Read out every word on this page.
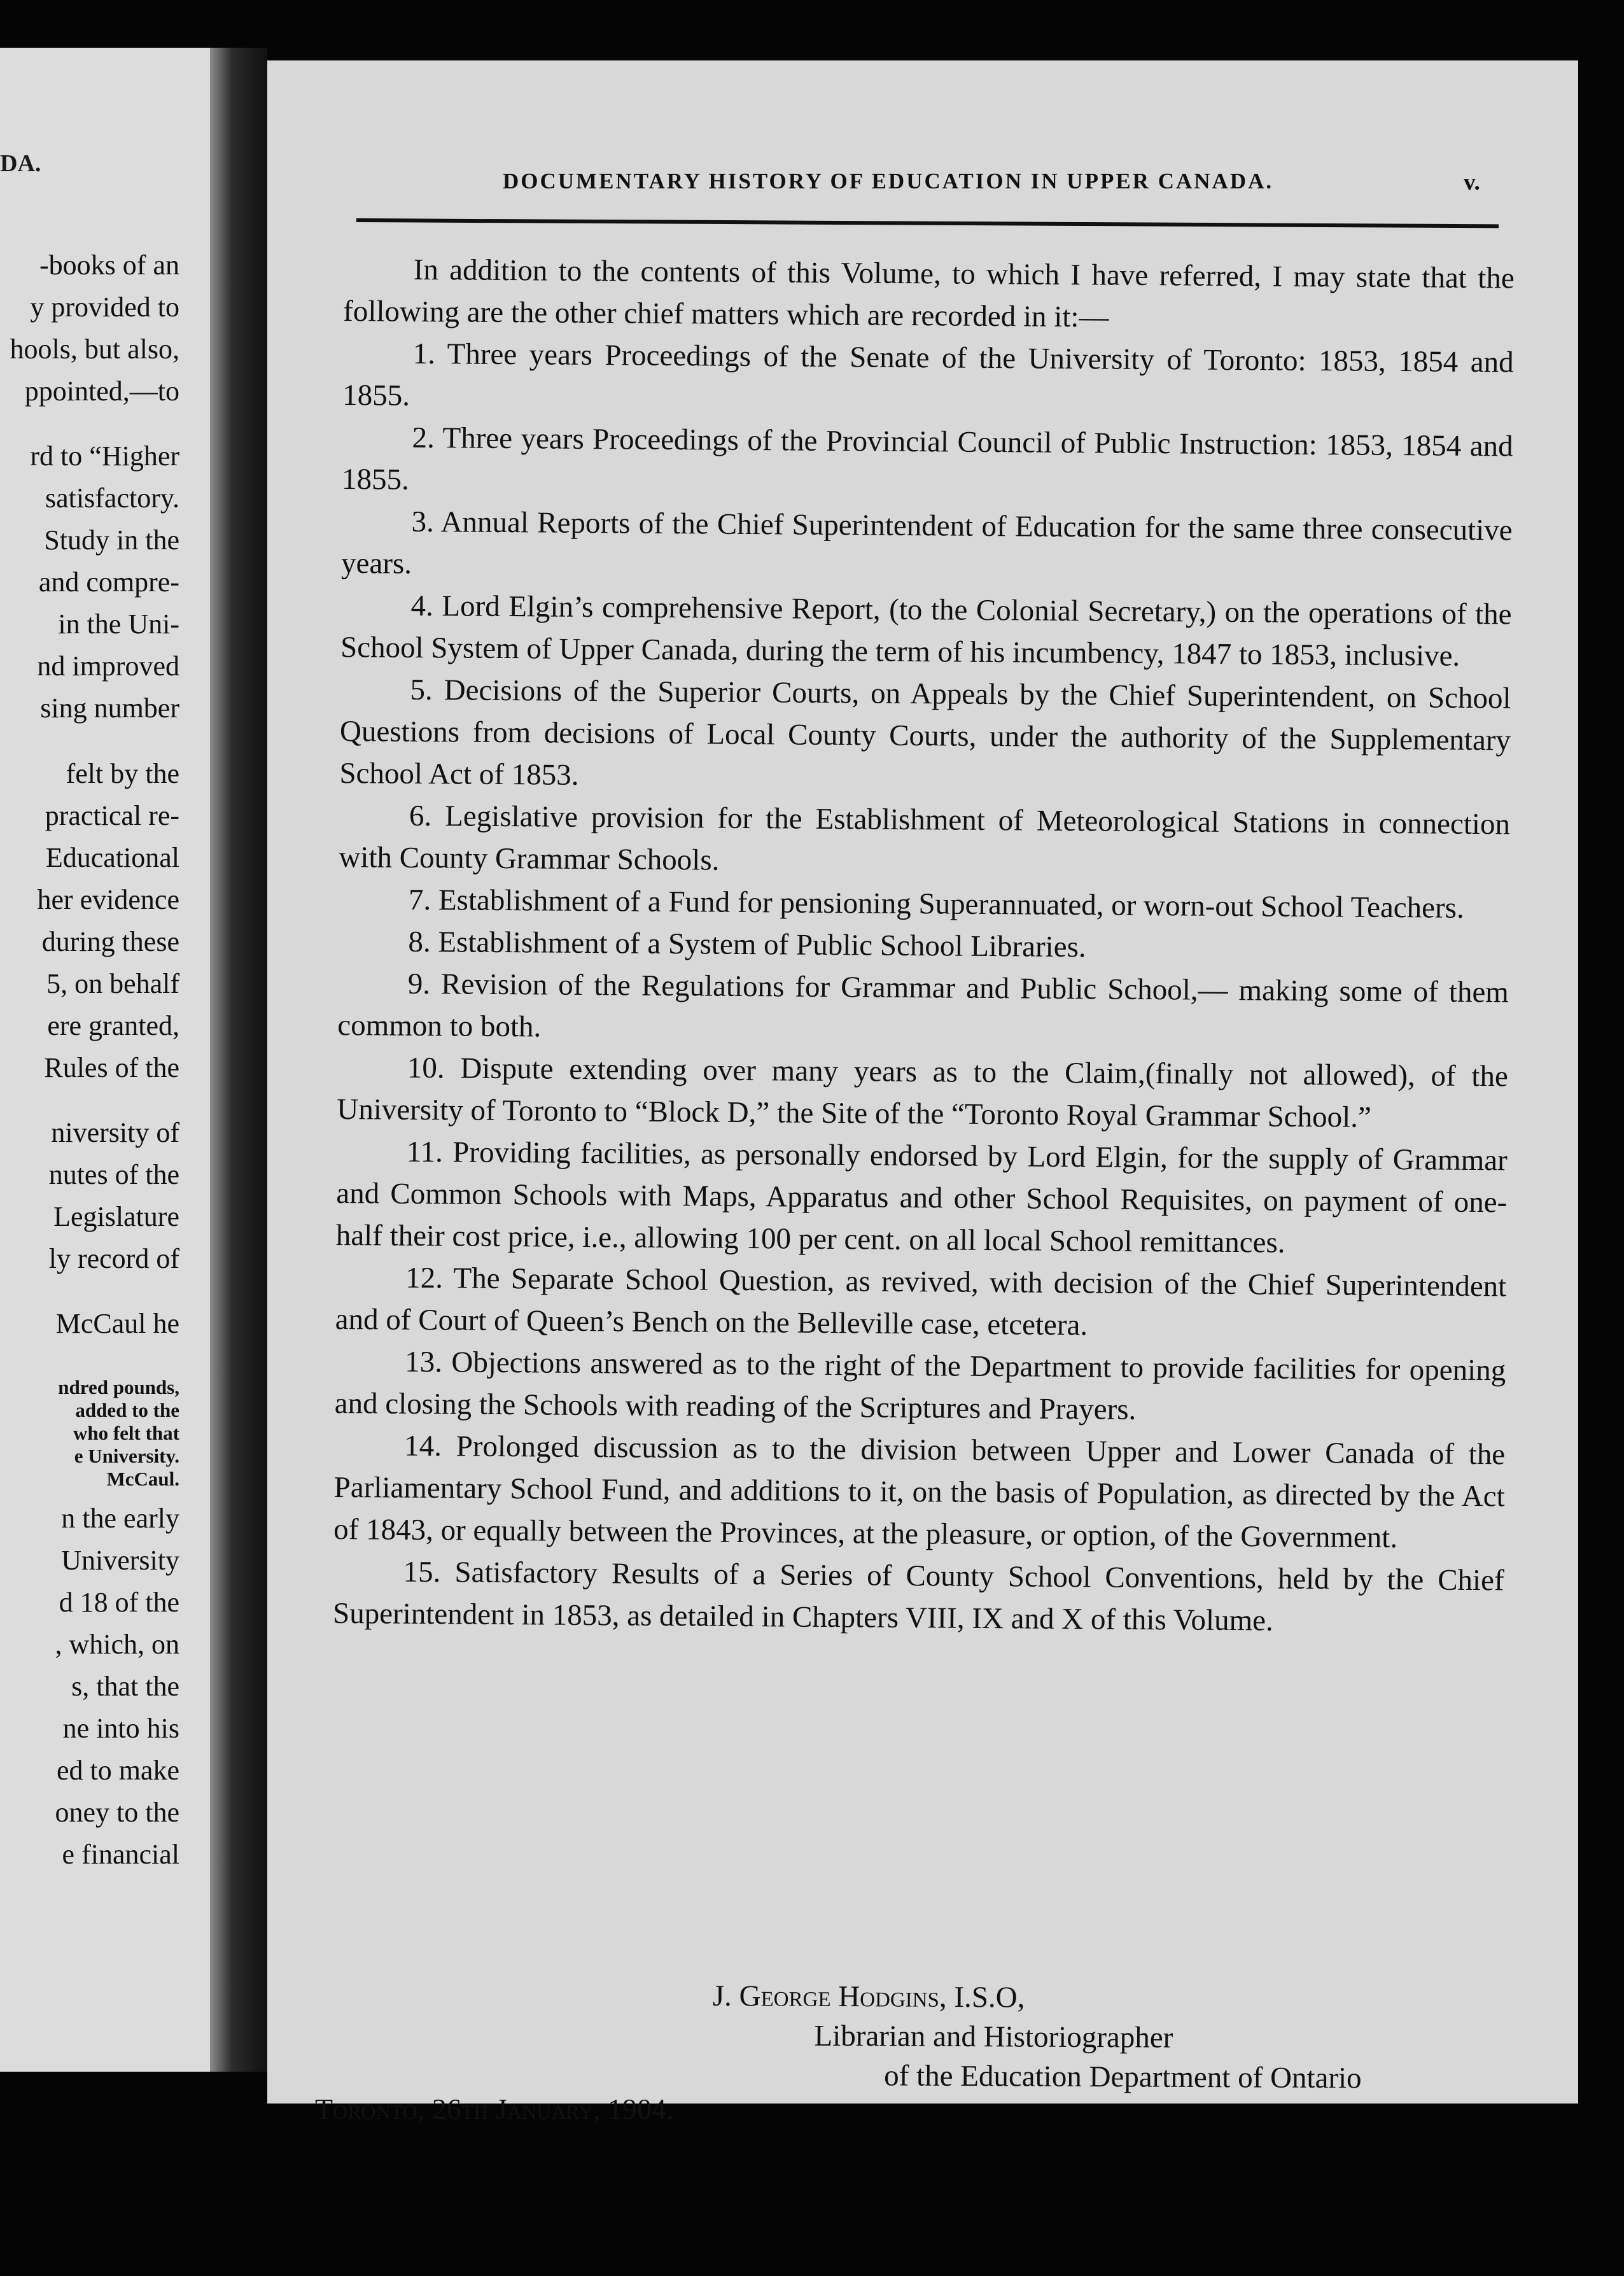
DA.
-books of an
y provided to
hools, but also,
ppointed,—to
rd to “Higher
satisfactory.
Study in the
and compre-
in the Uni-
nd improved
sing number
felt by the
practical re-
Educational
her evidence
during these
5, on behalf
ere granted,
Rules of the
niversity of
nutes of the
Legislature
ly record of
McCaul he
ndred pounds,
added to the
who felt that
e University.
McCaul.
n the early
University
d 18 of the
, which, on
s, that the
ne into his
ed to make
oney to the
e financial
DOCUMENTARY HISTORY OF EDUCATION IN UPPER CANADA.	v.

In addition to the contents of this Volume, to which I have referred, I may state that the following are the other chief matters which are recorded in it:—

1. Three years Proceedings of the Senate of the University of Toronto: 1853, 1854 and 1855.

2. Three years Proceedings of the Provincial Council of Public Instruction: 1853, 1854 and 1855.

3. Annual Reports of the Chief Superintendent of Education for the same three consecutive years.

4. Lord Elgin’s comprehensive Report, (to the Colonial Secretary,) on the operations of the School System of Upper Canada, during the term of his incumbency, 1847 to 1853, inclusive.

5. Decisions of the Superior Courts, on Appeals by the Chief Superintendent, on School Questions from decisions of Local County Courts, under the authority of the Supplementary School Act of 1853.

6. Legislative provision for the Establishment of Meteorological Stations in connection with County Grammar Schools.

7. Establishment of a Fund for pensioning Superannuated, or worn-out School Teachers.

8. Establishment of a System of Public School Libraries.

9. Revision of the Regulations for Grammar and Public School,— making some of them common to both.

10. Dispute extending over many years as to the Claim,(finally not allowed), of the University of Toronto to “Block D,” the Site of the “Toronto Royal Grammar School.”

11. Providing facilities, as personally endorsed by Lord Elgin, for the supply of Grammar and Common Schools with Maps, Apparatus and other School Requisites, on payment of one-half their cost price, i.e., allowing 100 per cent. on all local School remittances.

12. The Separate School Question, as revived, with decision of the Chief Superintendent and of Court of Queen’s Bench on the Belleville case, etcetera.

13. Objections answered as to the right of the Department to provide facilities for opening and closing the Schools with reading of the Scriptures and Prayers.

14. Prolonged discussion as to the division between Upper and Lower Canada of the Parliamentary School Fund, and additions to it, on the basis of Population, as directed by the Act of 1843, or equally between the Provinces, at the pleasure, or option, of the Government.

15. Satisfactory Results of a Series of County School Conventions, held by the Chief Superintendent in 1853, as detailed in Chapters VIII, IX and X of this Volume.

J. George Hodgins, I.S.O,
Librarian and Historiographer
of the Education Department of Ontario
Toronto, 26th January, 1904.
